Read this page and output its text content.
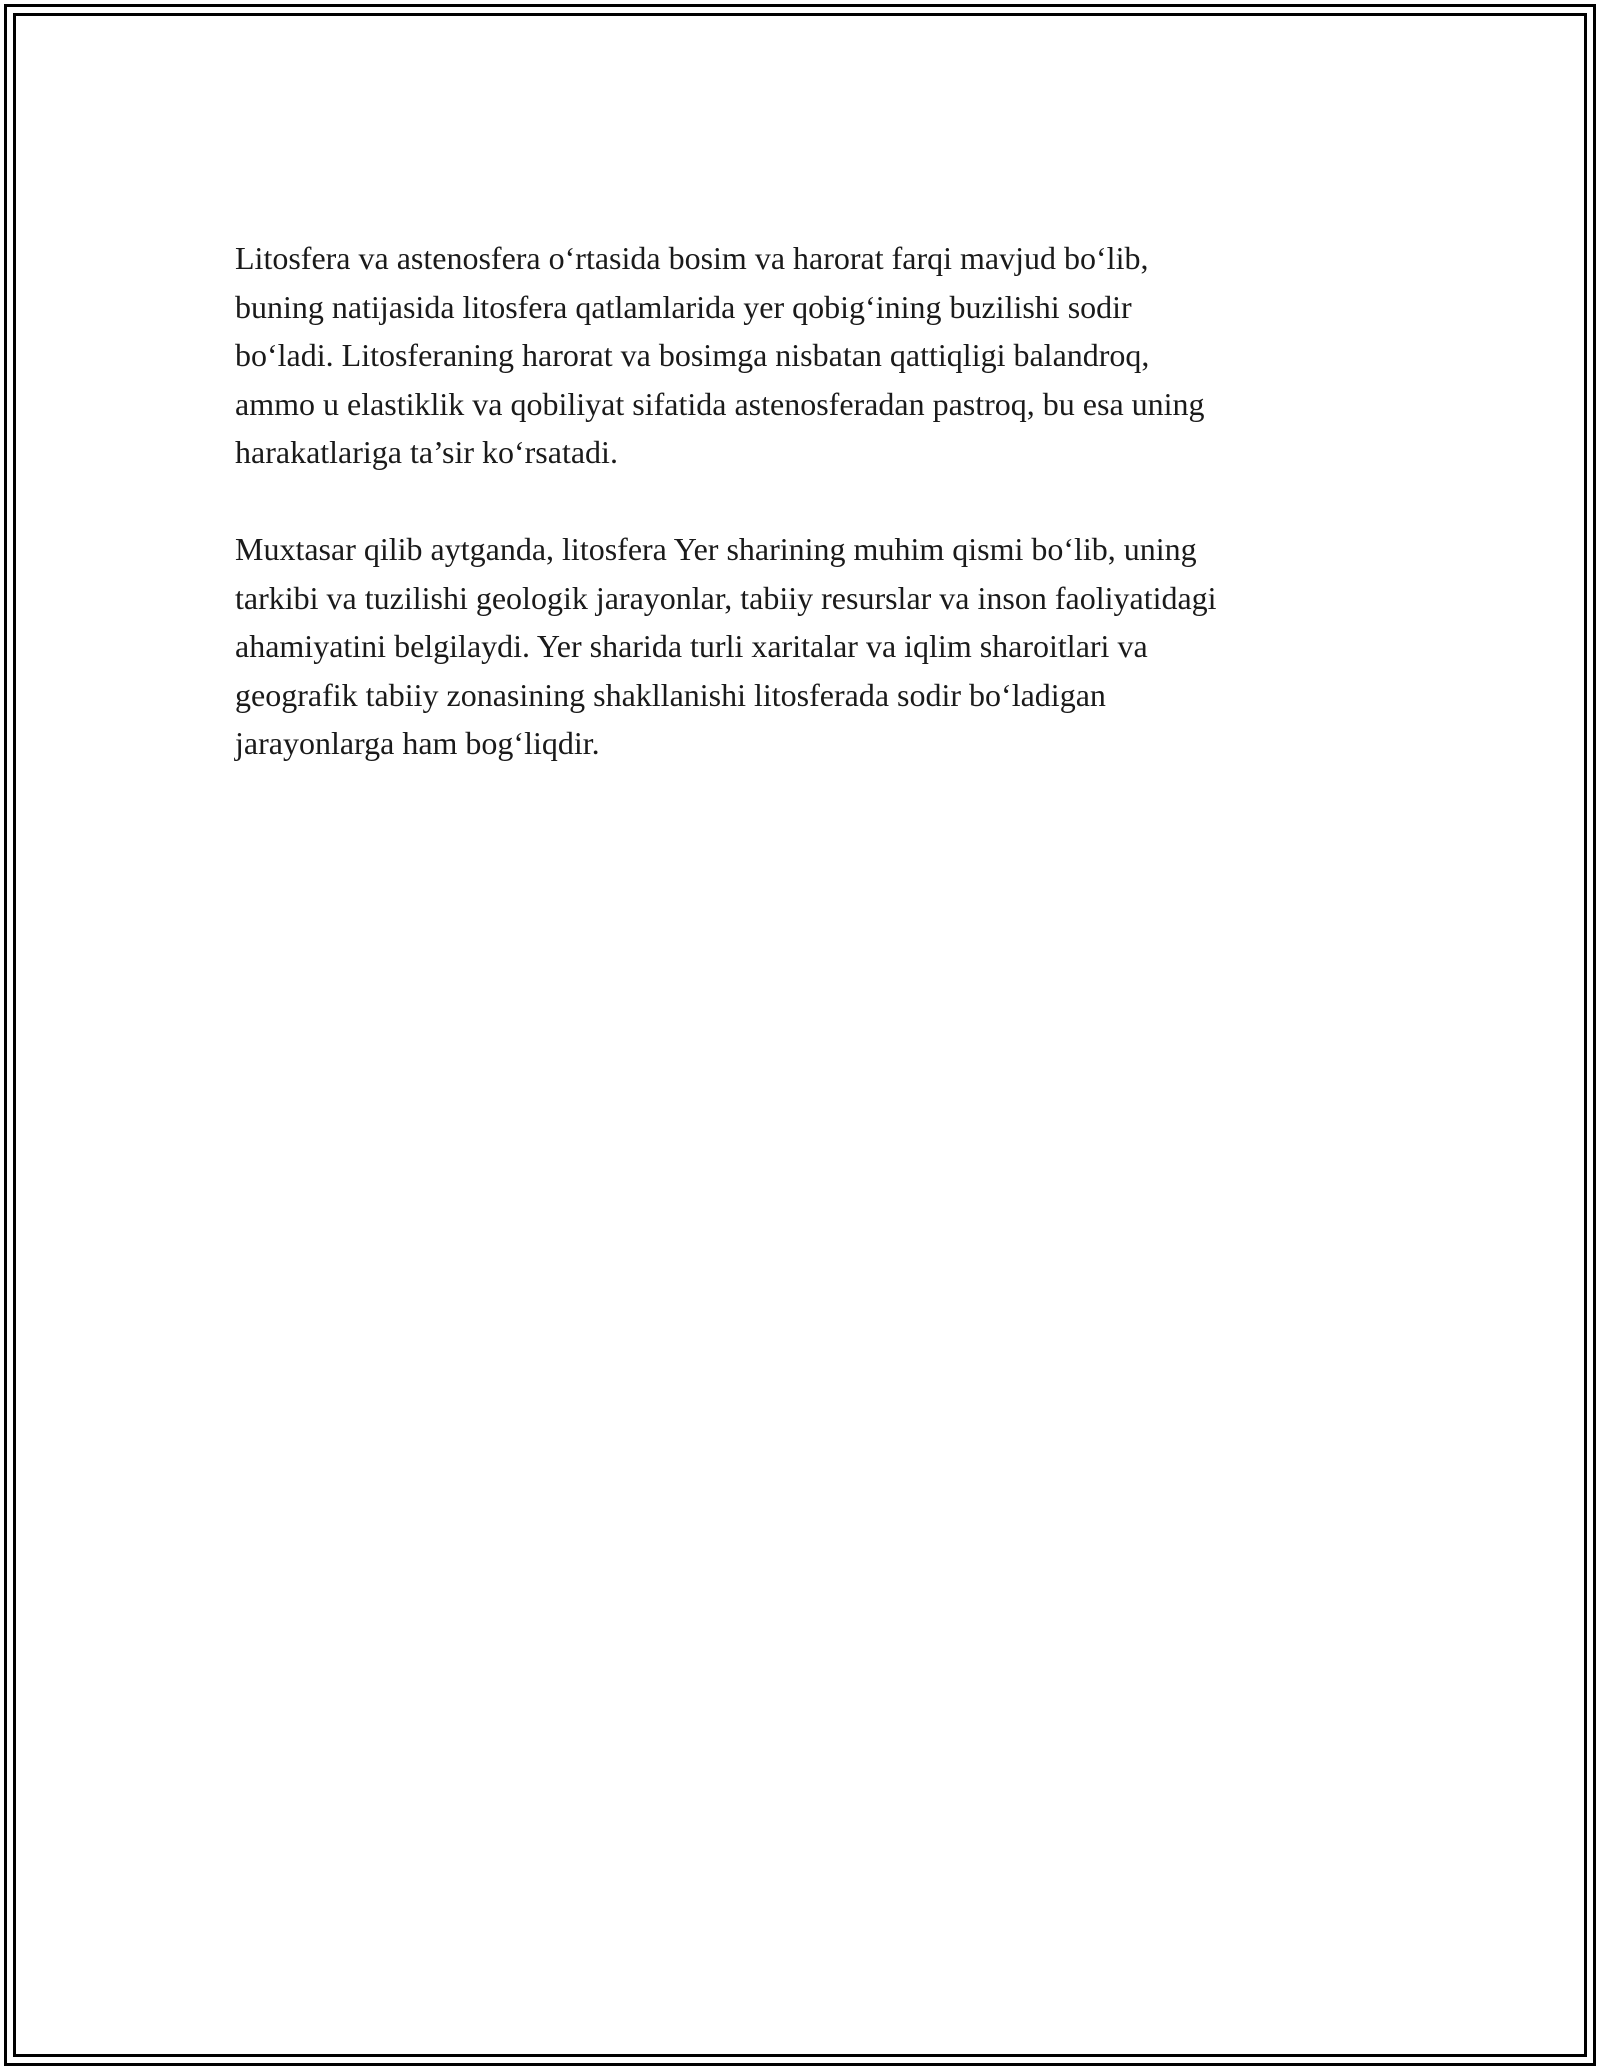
Litosfera va astenosfera o‘rtasida bosim va harorat farqi mavjud bo‘lib,
buning natijasida litosfera qatlamlarida yer qobig‘ining buzilishi sodir
bo‘ladi. Litosferaning harorat va bosimga nisbatan qattiqligi balandroq,
ammo u elastiklik va qobiliyat sifatida astenosferadan pastroq, bu esa uning
harakatlariga ta’sir ko‘rsatadi.

Muxtasar qilib aytganda, litosfera Yer sharining muhim qismi bo‘lib, uning
tarkibi va tuzilishi geologik jarayonlar, tabiiy resurslar va inson faoliyatidagi
ahamiyatini belgilaydi. Yer sharida turli xaritalar va iqlim sharoitlari va
geografik tabiiy zonasining shakllanishi litosferada sodir bo‘ladigan
jarayonlarga ham bog‘liqdir.
